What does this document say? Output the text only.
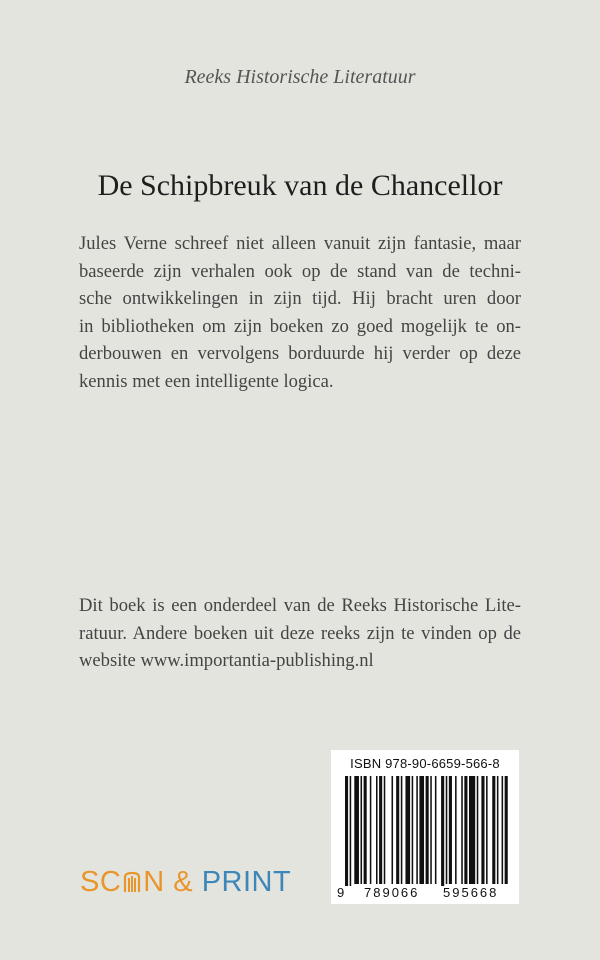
Reeks Historische Literatuur
De Schipbreuk van de Chancellor
Jules Verne schreef niet alleen vanuit zijn fantasie, maar
baseerde zijn verhalen ook op de stand van de techni-
sche ontwikkelingen in zijn tijd. Hij bracht uren door
in bibliotheken om zijn boeken zo goed mogelijk te on-
derbouwen en vervolgens borduurde hij verder op deze
kennis met een intelligente logica.
Dit boek is een onderdeel van de Reeks Historische Lite-
ratuur. Andere boeken uit deze reeks zijn te vinden op de
website www.importantia-publishing.nl
SC N & PRINT
ISBN 978-90-6659-566-8
9 789066 595668
